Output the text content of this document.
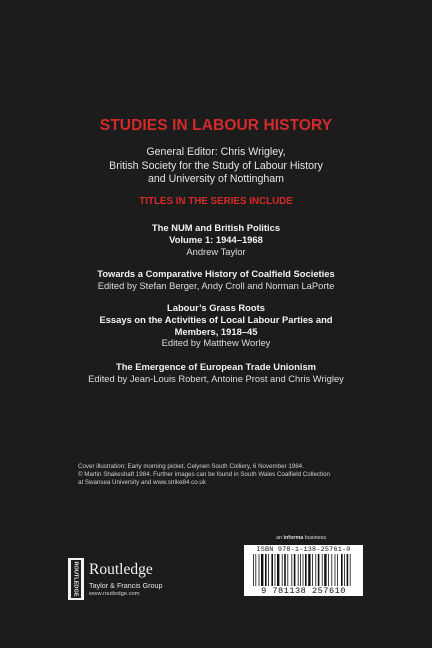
STUDIES IN LABOUR HISTORY
General Editor: Chris Wrigley,
British Society for the Study of Labour History
and University of Nottingham
TITLES IN THE SERIES INCLUDE
The NUM and British Politics
Volume 1: 1944–1968
Andrew Taylor
Towards a Comparative History of Coalfield Societies
Edited by Stefan Berger, Andy Croll and Norman LaPorte
Labour’s Grass Roots
Essays on the Activities of Local Labour Parties and
Members, 1918–45
Edited by Matthew Worley
The Emergence of European Trade Unionism
Edited by Jean-Louis Robert, Antoine Prost and Chris Wrigley
Cover illustration: Early morning picket, Celynen South Colliery, 6 November 1984.
© Martin Shakeshaft 1984. Further images can be found in South Wales Coalfield Collection
at Swansea University and www.strike84.co.uk
an informa business
ISBN 978-1-138-25761-0
9 781138 257610
ROUTLEDGE Routledge
Taylor & Francis Group
www.routledge.com
